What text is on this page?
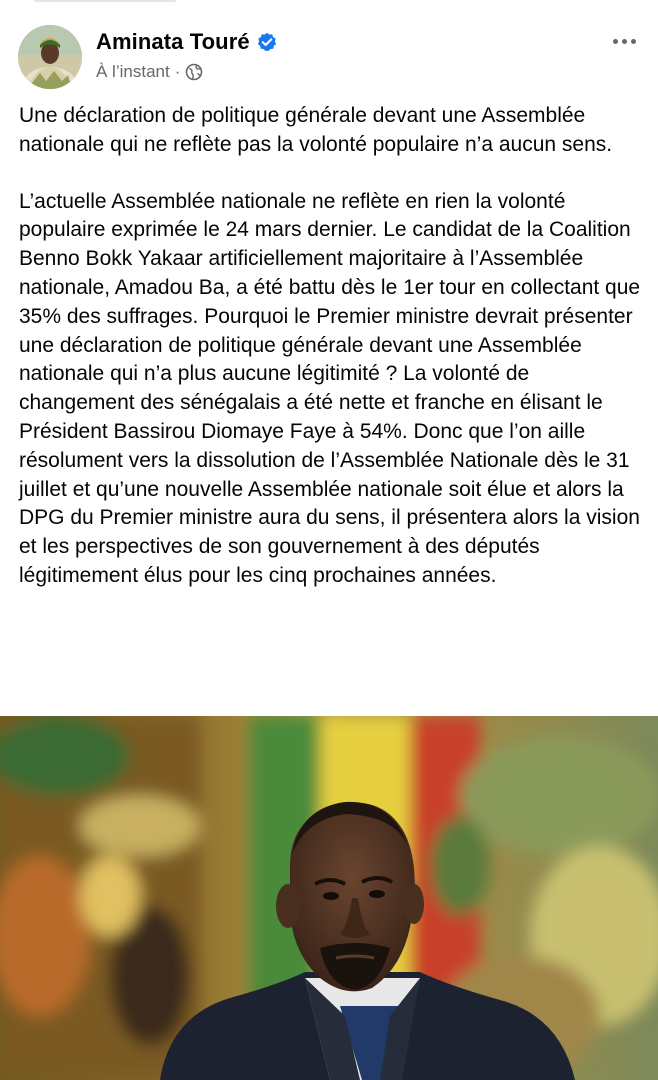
Aminata Touré
À l’instant ·

Une déclaration de politique générale devant une Assemblée nationale qui ne reflète pas la volonté populaire n’a aucun sens.

L’actuelle Assemblée nationale ne reflète en rien la volonté populaire exprimée le 24 mars dernier. Le candidat de la Coalition Benno Bokk Yakaar artificiellement majoritaire à l’Assemblée nationale, Amadou Ba, a été battu dès le 1er tour en collectant que 35% des suffrages. Pourquoi le Premier ministre devrait présenter une déclaration de politique générale devant une Assemblée nationale qui n’a plus aucune légitimité ? La volonté de changement des sénégalais a été nette et franche en élisant le Président Bassirou Diomaye Faye à 54%. Donc que l’on aille résolument vers la dissolution de l’Assemblée Nationale dès le 31 juillet et qu’une nouvelle Assemblée nationale soit élue et alors la DPG du Premier ministre aura du sens, il présentera alors la vision et les perspectives de son gouvernement à des députés légitimement élus pour les cinq prochaines années.
